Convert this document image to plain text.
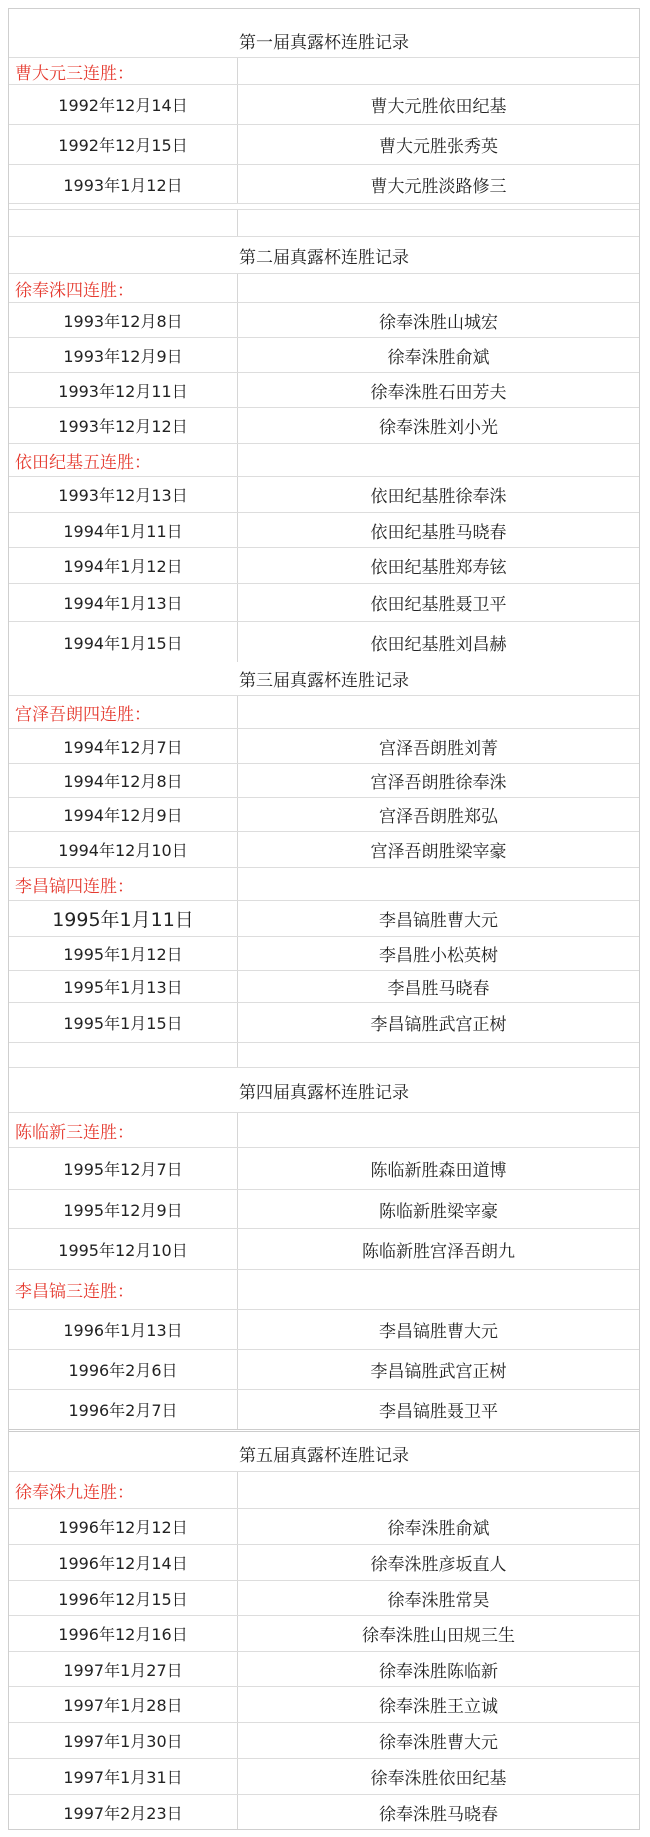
第一届真露杯连胜记录
曹大元三连胜：
1992年12月14日	曹大元胜依田纪基
1992年12月15日	曹大元胜张秀英
1993年1月12日	曹大元胜淡路修三
第二届真露杯连胜记录
徐奉洙四连胜：
1993年12月8日	徐奉洙胜山城宏
1993年12月9日	徐奉洙胜俞斌
1993年12月11日	徐奉洙胜石田芳夫
1993年12月12日	徐奉洙胜刘小光
依田纪基五连胜：
1993年12月13日	依田纪基胜徐奉洙
1994年1月11日	依田纪基胜马晓春
1994年1月12日	依田纪基胜郑寿铉
1994年1月13日	依田纪基胜聂卫平
1994年1月15日	依田纪基胜刘昌赫
第三届真露杯连胜记录
宫泽吾朗四连胜：
1994年12月7日	宫泽吾朗胜刘菁
1994年12月8日	宫泽吾朗胜徐奉洙
1994年12月9日	宫泽吾朗胜郑弘
1994年12月10日	宫泽吾朗胜梁宰豪
李昌镐四连胜：
1995年1月11日	李昌镐胜曹大元
1995年1月12日	李昌胜小松英树
1995年1月13日	李昌胜马晓春
1995年1月15日	李昌镐胜武宫正树
第四届真露杯连胜记录
陈临新三连胜：
1995年12月7日	陈临新胜森田道博
1995年12月9日	陈临新胜梁宰豪
1995年12月10日	陈临新胜宫泽吾朗九
李昌镐三连胜：
1996年1月13日	李昌镐胜曹大元
1996年2月6日	李昌镐胜武宫正树
1996年2月7日	李昌镐胜聂卫平
第五届真露杯连胜记录
徐奉洙九连胜：
1996年12月12日	徐奉洙胜俞斌
1996年12月14日	徐奉洙胜彦坂直人
1996年12月15日	徐奉洙胜常昊
1996年12月16日	徐奉洙胜山田规三生
1997年1月27日	徐奉洙胜陈临新
1997年1月28日	徐奉洙胜王立诚
1997年1月30日	徐奉洙胜曹大元
1997年1月31日	徐奉洙胜依田纪基
1997年2月23日	徐奉洙胜马晓春
